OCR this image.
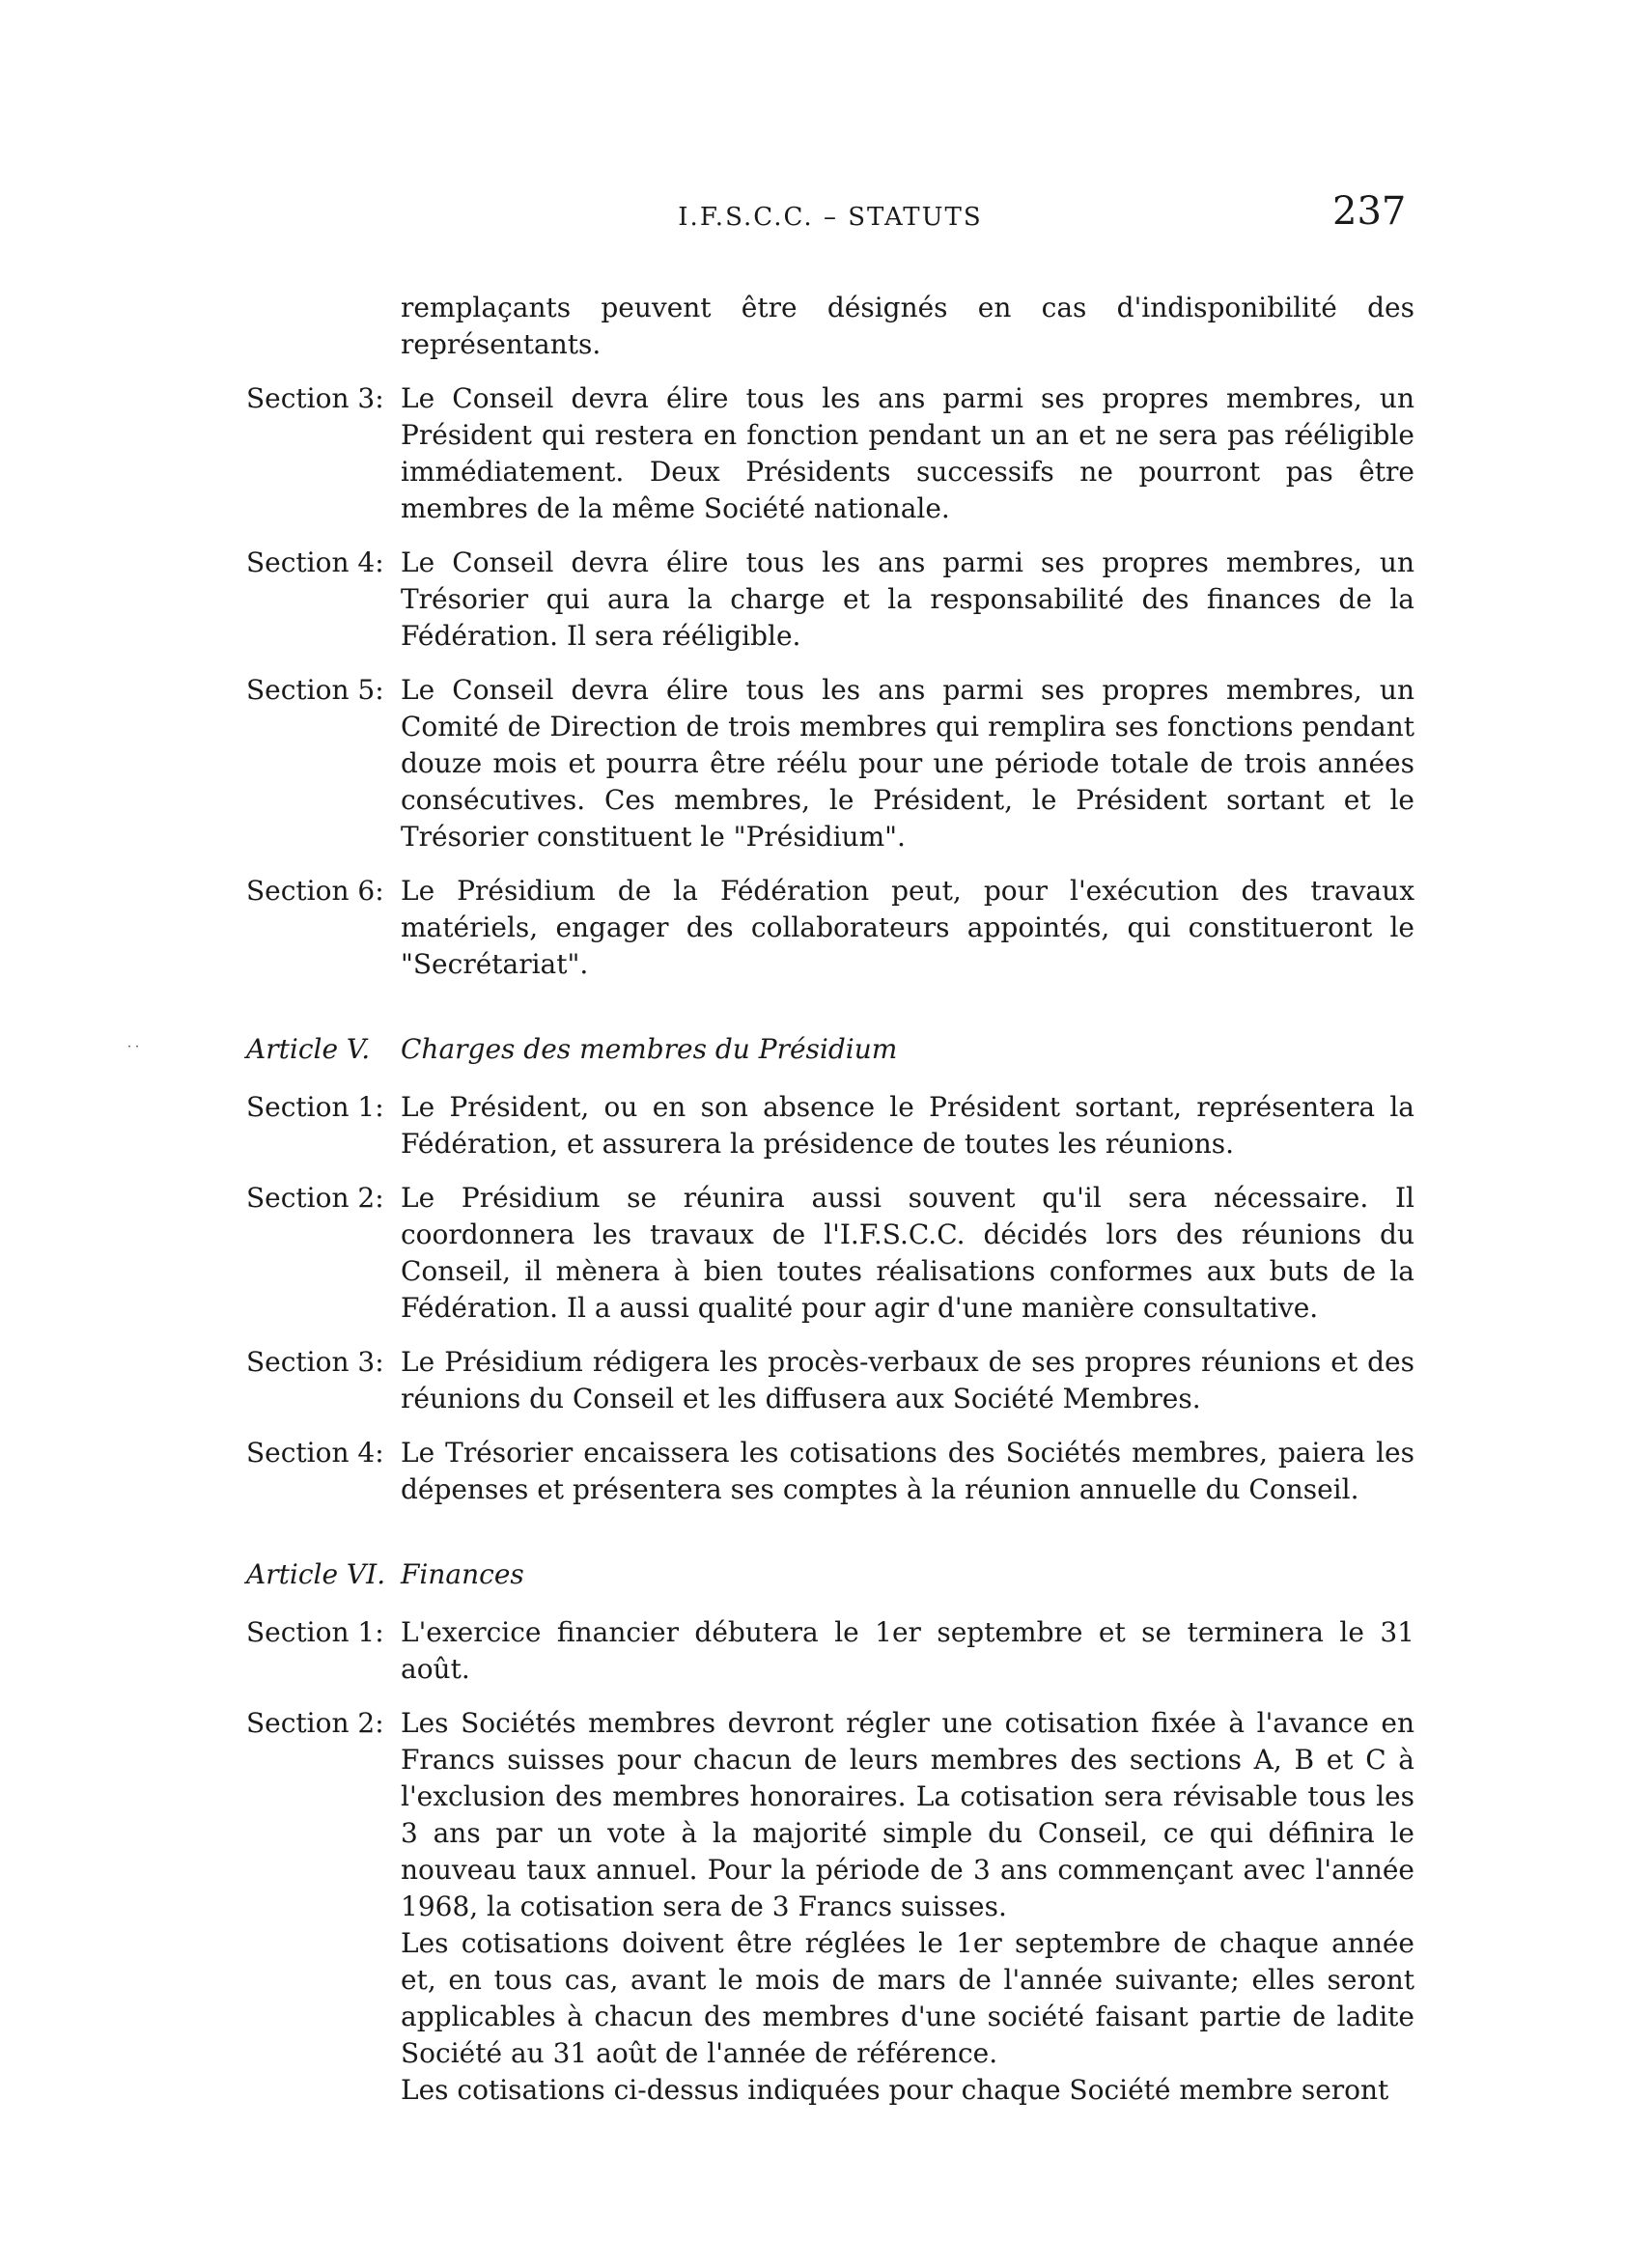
I.F.S.C.C. – STATUTS	237
˙˙
remplaçants peuvent être désignés en cas d'indisponibilité des représentants.
Section 3: Le Conseil devra élire tous les ans parmi ses propres membres, un Président qui restera en fonction pendant un an et ne sera pas rééligible immédiatement. Deux Présidents successifs ne pourront pas être membres de la même Société nationale.
Section 4: Le Conseil devra élire tous les ans parmi ses propres membres, un Trésorier qui aura la charge et la responsabilité des finances de la Fédération. Il sera rééligible.
Section 5: Le Conseil devra élire tous les ans parmi ses propres membres, un Comité de Direction de trois membres qui remplira ses fonctions pendant douze mois et pourra être réélu pour une période totale de trois années consécutives. Ces membres, le Président, le Président sortant et le Trésorier constituent le "Présidium".
Section 6: Le Présidium de la Fédération peut, pour l'exécution des travaux matériels, engager des collaborateurs appointés, qui constitueront le "Secrétariat".
Article V.	Charges des membres du Présidium
Section 1: Le Président, ou en son absence le Président sortant, représentera la Fédération, et assurera la présidence de toutes les réunions.
Section 2: Le Présidium se réunira aussi souvent qu'il sera nécessaire. Il coordonnera les travaux de l'I.F.S.C.C. décidés lors des réunions du Conseil, il mènera à bien toutes réalisations conformes aux buts de la Fédération. Il a aussi qualité pour agir d'une manière consultative.
Section 3: Le Présidium rédigera les procès-verbaux de ses propres réunions et des réunions du Conseil et les diffusera aux Société Membres.
Section 4: Le Trésorier encaissera les cotisations des Sociétés membres, paiera les dépenses et présentera ses comptes à la réunion annuelle du Conseil.
Article VI. Finances
Section 1: L'exercice financier débutera le 1er septembre et se terminera le 31 août.
Section 2: Les Sociétés membres devront régler une cotisation fixée à l'avance en Francs suisses pour chacun de leurs membres des sections A, B et C à l'exclusion des membres honoraires. La cotisation sera révisable tous les 3 ans par un vote à la majorité simple du Conseil, ce qui définira le nouveau taux annuel. Pour la période de 3 ans commençant avec l'année 1968, la cotisation sera de 3 Francs suisses.

Les cotisations doivent être réglées le 1er septembre de chaque année et, en tous cas, avant le mois de mars de l'année suivante; elles seront applicables à chacun des membres d'une société faisant partie de ladite Société au 31 août de l'année de référence.

Les cotisations ci-dessus indiquées pour chaque Société membre seront
